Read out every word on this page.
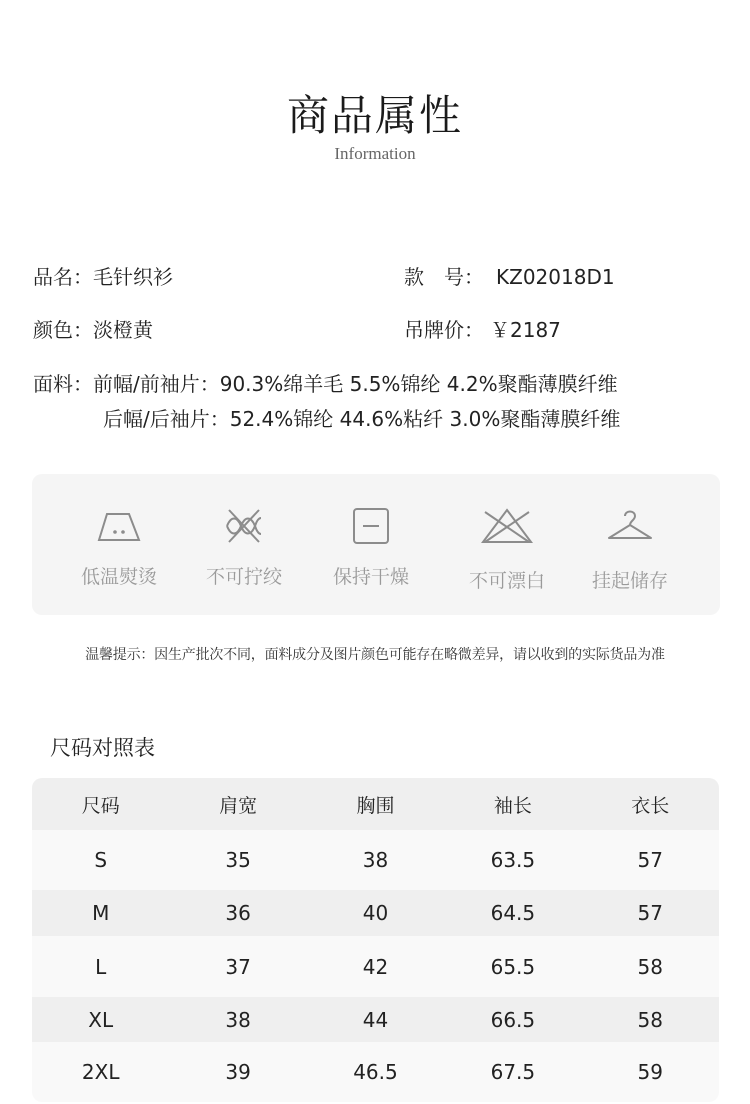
商品属性
Information
品名：毛针织衫	款　号： KZ02018D1
颜色：淡橙黄	吊牌价： ￥2187
面料：前幅/前袖片：90.3%绵羊毛 5.5%锦纶 4.2%聚酯薄膜纤维
后幅/后袖片：52.4%锦纶 44.6%粘纤 3.0%聚酯薄膜纤维
低温熨烫	不可拧绞	保持干燥	不可漂白	挂起储存
温馨提示：因生产批次不同，面料成分及图片颜色可能存在略微差异，请以收到的实际货品为准
尺码对照表
尺码	肩宽	胸围	袖长	衣长
S	35	38	63.5	57
M	36	40	64.5	57
L	37	42	65.5	58
XL	38	44	66.5	58
2XL	39	46.5	67.5	59
